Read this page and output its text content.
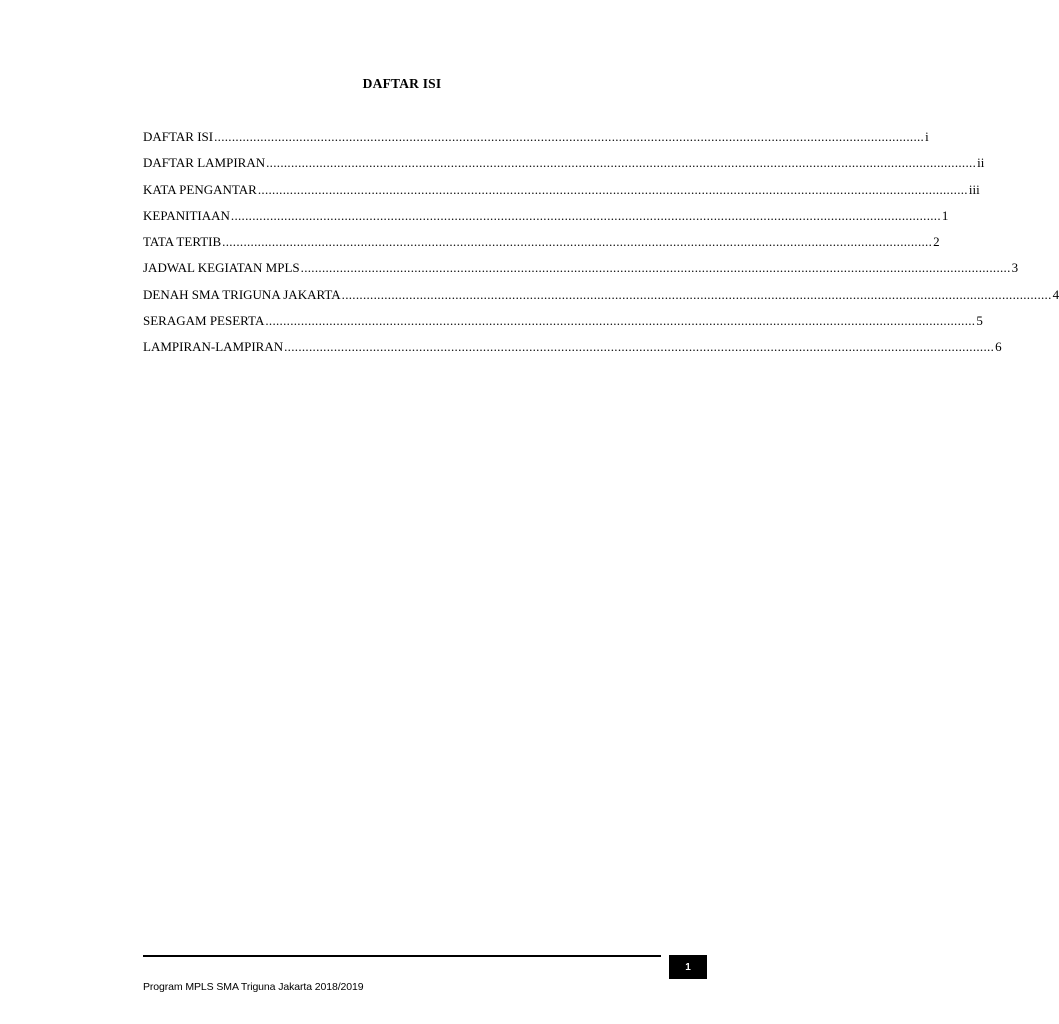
DAFTAR ISI
DAFTAR ISI ........................................................................................................................................................................................................ i
DAFTAR LAMPIRAN ........................................................................................................................................................................................................ ii
KATA PENGANTAR ........................................................................................................................................................................................................ iii
KEPANITIAAN ........................................................................................................................................................................................................ 1
TATA TERTIB ........................................................................................................................................................................................................ 2
JADWAL KEGIATAN MPLS ........................................................................................................................................................................................................ 3
DENAH SMA TRIGUNA JAKARTA ........................................................................................................................................................................................................ 4
SERAGAM PESERTA ........................................................................................................................................................................................................ 5
LAMPIRAN-LAMPIRAN ........................................................................................................................................................................................................ 6
1
Program MPLS SMA Triguna Jakarta 2018/2019
